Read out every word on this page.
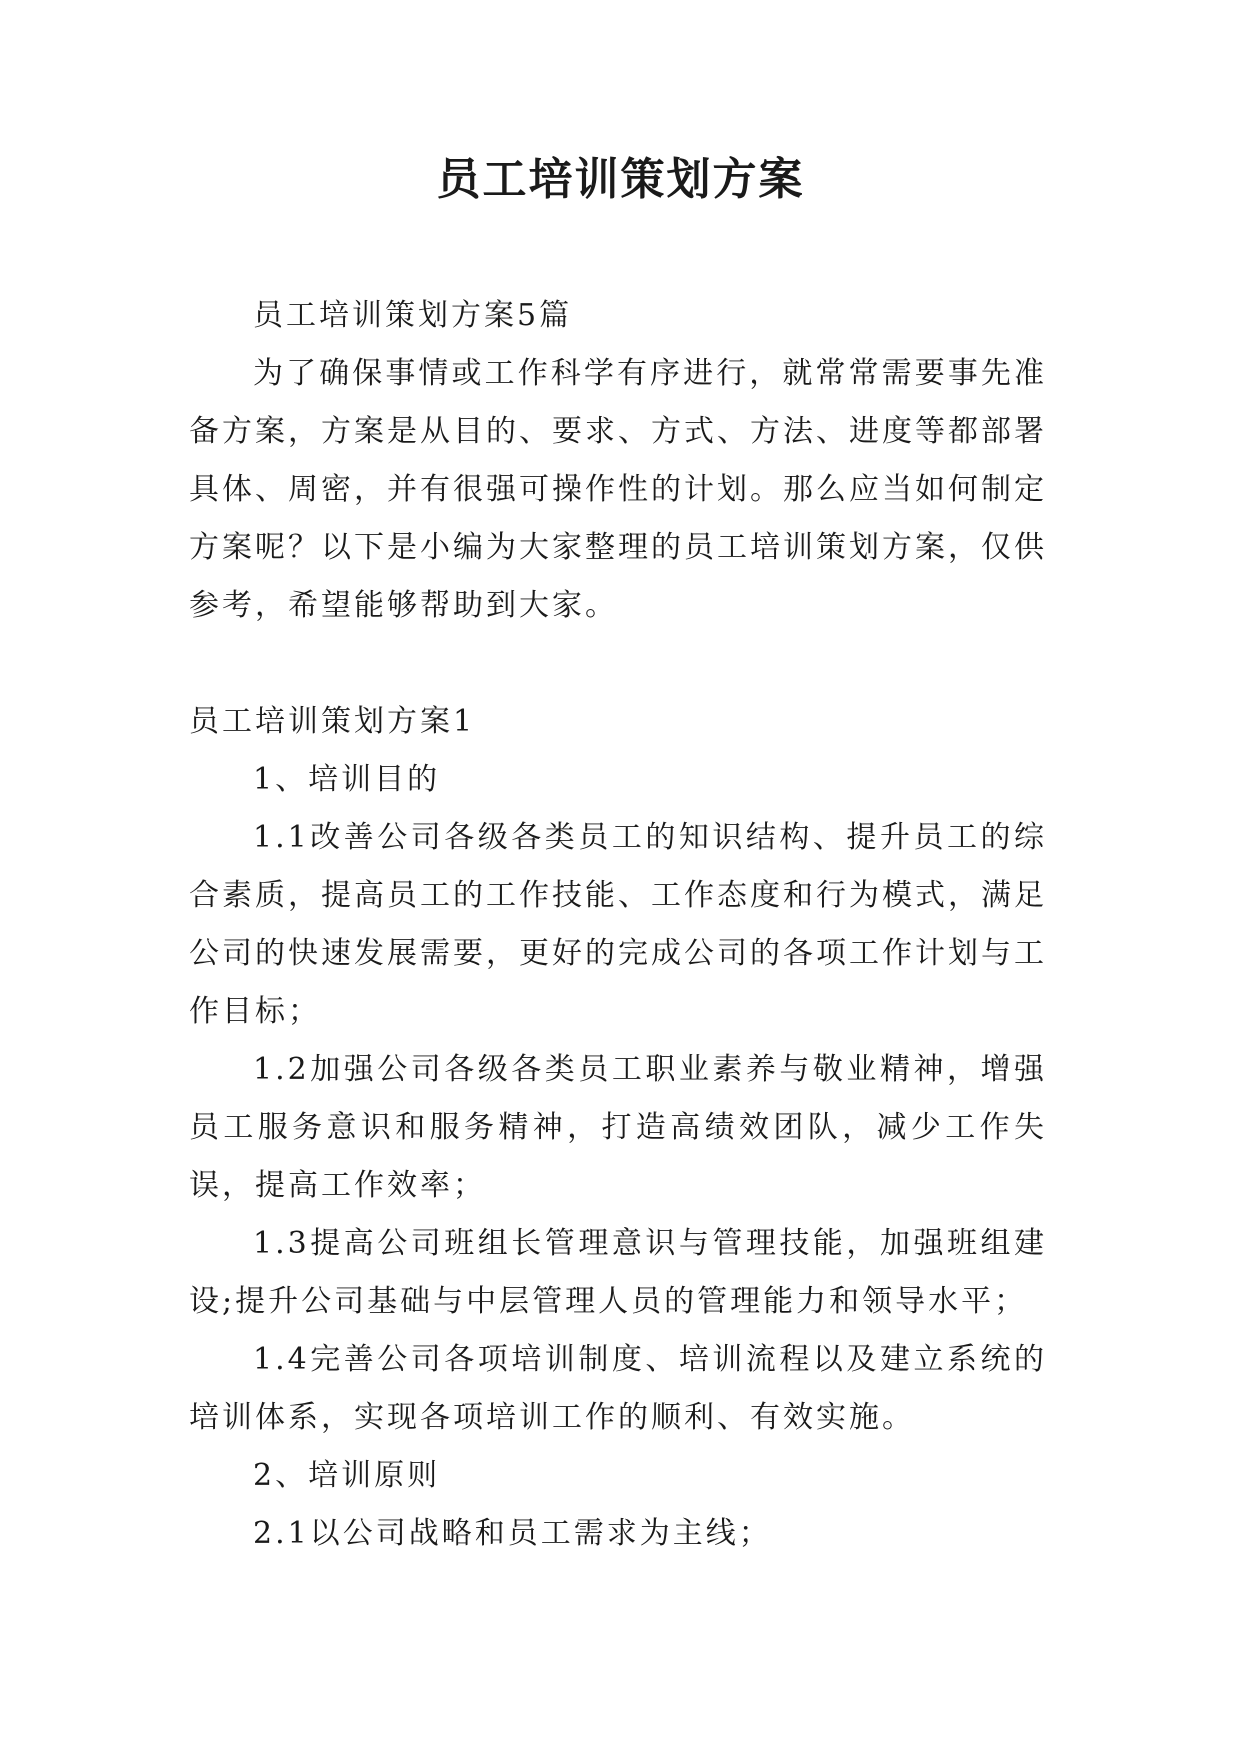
员工培训策划方案

员工培训策划方案5篇

为了确保事情或工作科学有序进行，就常常需要事先准备方案，方案是从目的、要求、方式、方法、进度等都部署具体、周密，并有很强可操作性的计划。那么应当如何制定方案呢？以下是小编为大家整理的员工培训策划方案，仅供参考，希望能够帮助到大家。

员工培训策划方案1

1、培训目的

1.1改善公司各级各类员工的知识结构、提升员工的综合素质，提高员工的工作技能、工作态度和行为模式，满足公司的快速发展需要，更好的完成公司的各项工作计划与工作目标；

1.2加强公司各级各类员工职业素养与敬业精神，增强员工服务意识和服务精神，打造高绩效团队，减少工作失误，提高工作效率；

1.3提高公司班组长管理意识与管理技能，加强班组建设;提升公司基础与中层管理人员的管理能力和领导水平；

1.4完善公司各项培训制度、培训流程以及建立系统的培训体系，实现各项培训工作的顺利、有效实施。

2、培训原则

2.1以公司战略和员工需求为主线；
